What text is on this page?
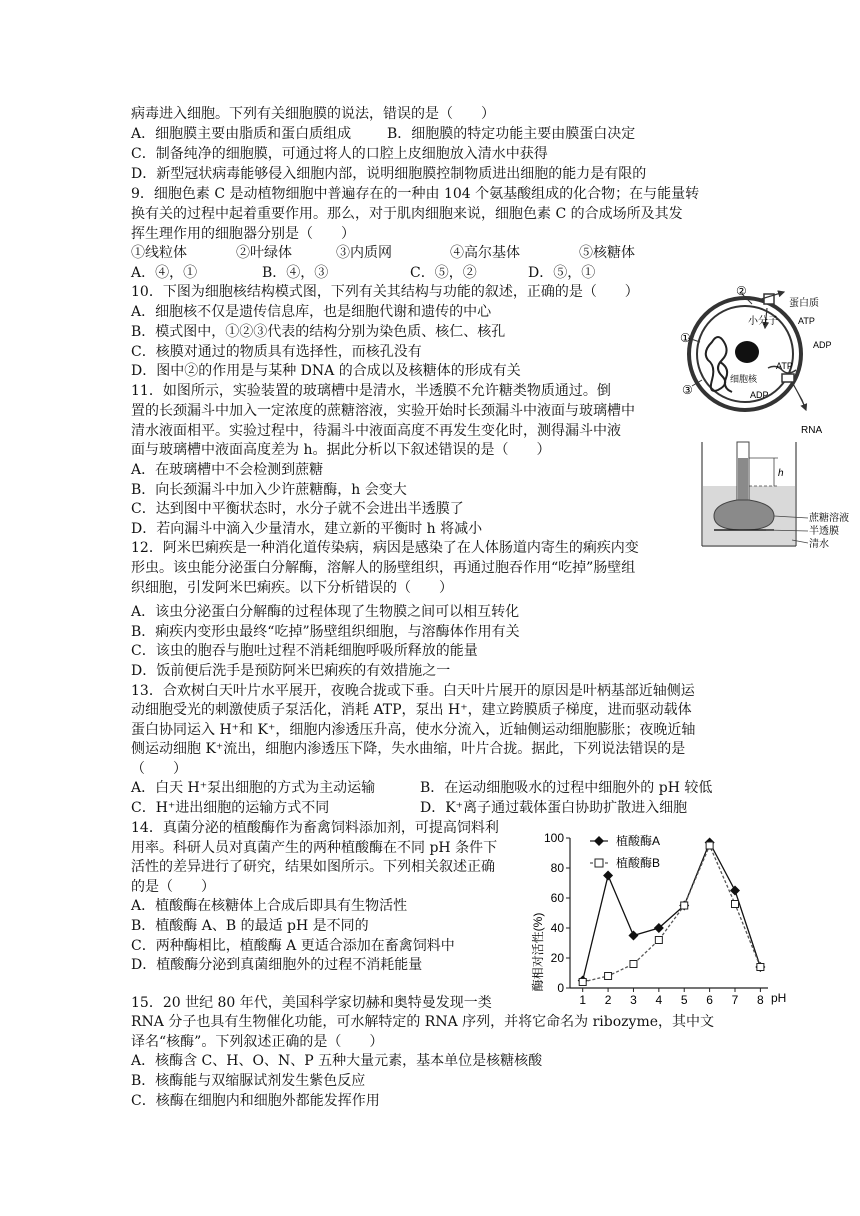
病毒进入细胞。下列有关细胞膜的说法，错误的是（　　）
A．细胞膜主要由脂质和蛋白质组成	B．细胞膜的特定功能主要由膜蛋白决定
C．制备纯净的细胞膜，可通过将人的口腔上皮细胞放入清水中获得
D．新型冠状病毒能够侵入细胞内部，说明细胞膜控制物质进出细胞的能力是有限的
9．细胞色素 C 是动植物细胞中普遍存在的一种由 104 个氨基酸组成的化合物；在与能量转
换有关的过程中起着重要作用。那么，对于肌肉细胞来说，细胞色素 C 的合成场所及其发
挥生理作用的细胞器分别是（　　）
①线粒体	②叶绿体	③内质网	④高尔基体	⑤核糖体
A．④，①	B．④，③	C．⑤，②	D．⑤，①
10．下图为细胞核结构模式图，下列有关其结构与功能的叙述，正确的是（　　）
A．细胞核不仅是遗传信息库，也是细胞代谢和遗传的中心
B．模式图中，①②③代表的结构分别为染色质、核仁、核孔
C．核膜对通过的物质具有选择性，而核孔没有
D．图中②的作用是与某种 DNA 的合成以及核糖体的形成有关
①
②
③
蛋白质
小分子 ATP
ADP
细胞核
ATP
ADP
RNA
11．如图所示，实验装置的玻璃槽中是清水，半透膜不允许糖类物质通过。倒
置的长颈漏斗中加入一定浓度的蔗糖溶液，实验开始时长颈漏斗中液面与玻璃槽中
清水液面相平。实验过程中，待漏斗中液面高度不再发生变化时，测得漏斗中液
面与玻璃槽中液面高度差为 h。据此分析以下叙述错误的是（　　）
A．在玻璃槽中不会检测到蔗糖
B．向长颈漏斗中加入少许蔗糖酶，h 会变大
C．达到图中平衡状态时，水分子就不会进出半透膜了
D．若向漏斗中滴入少量清水，建立新的平衡时 h 将减小
h
蔗糖溶液
半透膜
清水
12．阿米巴痢疾是一种消化道传染病，病因是感染了在人体肠道内寄生的痢疾内变
形虫。该虫能分泌蛋白分解酶，溶解人的肠壁组织，再通过胞吞作用“吃掉”肠壁组
织细胞，引发阿米巴痢疾。以下分析错误的（　　）
A．该虫分泌蛋白分解酶的过程体现了生物膜之间可以相互转化
B．痢疾内变形虫最终“吃掉”肠壁组织细胞，与溶酶体作用有关
C．该虫的胞吞与胞吐过程不消耗细胞呼吸所释放的能量
D．饭前便后洗手是预防阿米巴痢疾的有效措施之一
13．合欢树白天叶片水平展开，夜晚合拢或下垂。白天叶片展开的原因是叶柄基部近轴侧运
动细胞受光的刺激使质子泵活化，消耗 ATP，泵出 H⁺，建立跨膜质子梯度，进而驱动载体
蛋白协同运入 H⁺和 K⁺，细胞内渗透压升高，使水分流入，近轴侧运动细胞膨胀；夜晚近轴
侧运动细胞 K⁺流出，细胞内渗透压下降，失水曲缩，叶片合拢。据此，下列说法错误的是
（　　）
A．白天 H⁺泵出细胞的方式为主动运输	B．在运动细胞吸水的过程中细胞外的 pH 较低
C．H⁺进出细胞的运输方式不同	D．K⁺离子通过载体蛋白协助扩散进入细胞
14．真菌分泌的植酸酶作为畜禽饲料添加剂，可提高饲料利
用率。科研人员对真菌产生的两种植酸酶在不同 pH 条件下
活性的差异进行了研究，结果如图所示。下列相关叙述正确
的是（　　）
A．植酸酶在核糖体上合成后即具有生物活性
B．植酸酶 A、B 的最适 pH 是不同的
C．两种酶相比，植酸酶 A 更适合添加在畜禽饲料中
D．植酸酶分泌到真菌细胞外的过程不消耗能量	酶相对活性(%)
pH
0
20
40
60
80
100
1 2 3 4 5 6 7 8
植酸酶A
植酸酶B
15．20 世纪 80 年代，美国科学家切赫和奥特曼发现一类
RNA 分子也具有生物催化功能，可水解特定的 RNA 序列，并将它命名为 ribozyme，其中文
译名“核酶”。下列叙述正确的是（　　）
A．核酶含 C、H、O、N、P 五种大量元素，基本单位是核糖核酸
B．核酶能与双缩脲试剂发生紫色反应
C．核酶在细胞内和细胞外都能发挥作用
